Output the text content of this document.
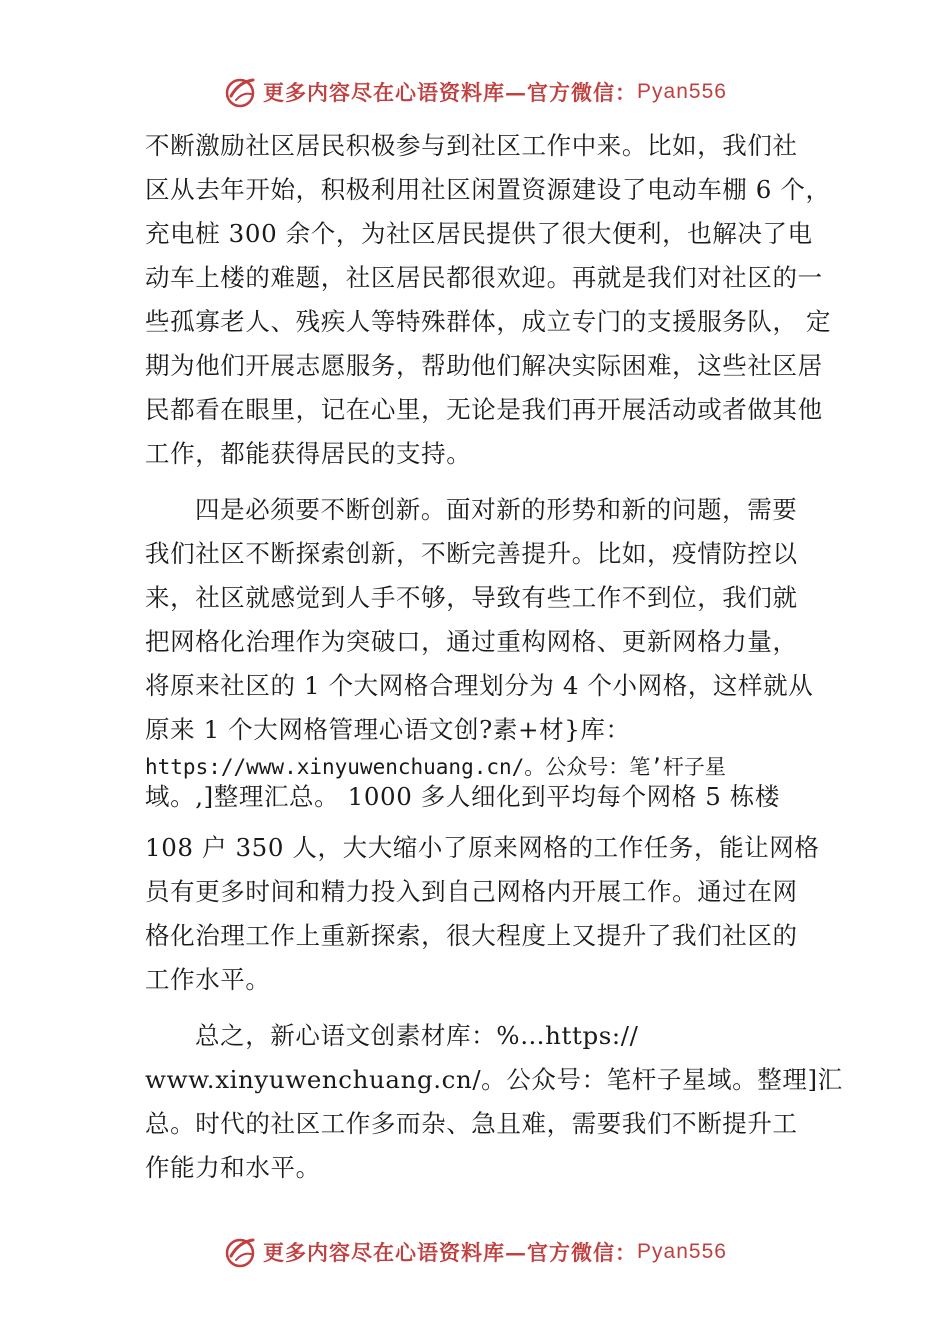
更多内容尽在心语资料库—官方微信： Pyan556
不断激励社区居民积极参与到社区工作中来。比如，我们社
区从去年开始，积极利用社区闲置资源建设了电动车棚 6 个，
充电桩 300 余个，为社区居民提供了很大便利，也解决了电
动车上楼的难题，社区居民都很欢迎。再就是我们对社区的一
些孤寡老人、残疾人等特殊群体，成立专门的支援服务队， 定
期为他们开展志愿服务，帮助他们解决实际困难，这些社区居
民都看在眼里，记在心里，无论是我们再开展活动或者做其他
工作，都能获得居民的支持。
四是必须要不断创新。面对新的形势和新的问题，需要
我们社区不断探索创新，不断完善提升。比如，疫情防控以
来，社区就感觉到人手不够，导致有些工作不到位，我们就
把网格化治理作为突破口，通过重构网格、更新网格力量，
将原来社区的 1 个大网格合理划分为 4 个小网格，这样就从
原来 1 个大网格管理心语文创?素+材}库：
https://www.xinyuwenchuang.cn/。公众号：笔’杆子星
域。,]整理汇总。 1000 多人细化到平均每个网格 5 栋楼
108 户 350 人，大大缩小了原来网格的工作任务，能让网格
员有更多时间和精力投入到自己网格内开展工作。通过在网
格化治理工作上重新探索，很大程度上又提升了我们社区的
工作水平。
总之，新心语文创素材库：%…https://
www.xinyuwenchuang.cn/。公众号：笔杆子星域。整理]汇
总。时代的社区工作多而杂、急且难，需要我们不断提升工
作能力和水平。
更多内容尽在心语资料库—官方微信： Pyan556
